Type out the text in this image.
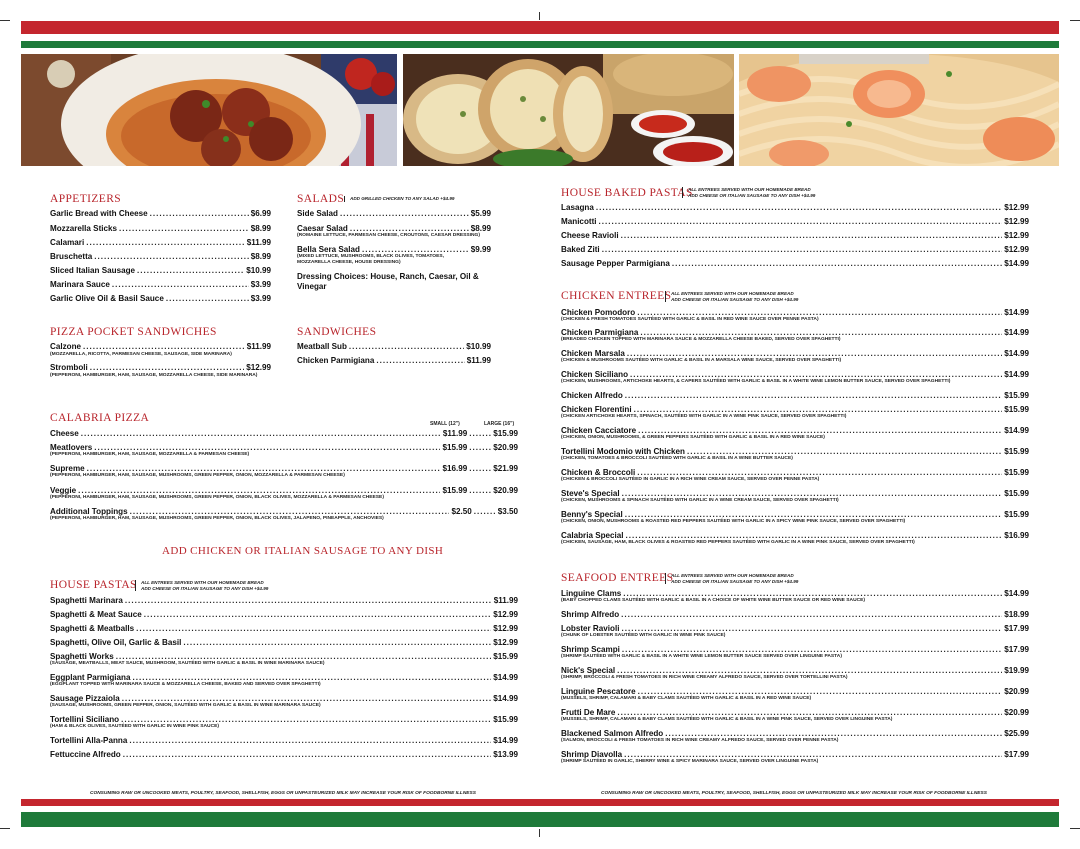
APPETIZERS
Garlic Bread with Cheese .....	$6.99
Mozzarella Sticks .....	$8.99
Calamari .....	$11.99
Bruschetta .....	$8.99
Sliced Italian Sausage .....	$10.99
Marinara Sauce .....	$3.99
Garlic Olive Oil & Basil Sauce .....	$3.99
SALADS	ADD GRILLED CHICKEN TO ANY SALAD +$4.99
Side Salad .....	$5.99
Caesar Salad .....	$8.99
(ROMAINE LETTUCE, PARMESAN CHEESE, CROUTONS, CAESAR DRESSING)
Bella Sera Salad .....	$9.99
(MIXED LETTUCE, MUSHROOMS, BLACK OLIVES, TOMATOES,
MOZZARELLA CHEESE, HOUSE DRESSING)
Dressing Choices: House, Ranch, Caesar, Oil & Vinegar
PIZZA POCKET SANDWICHES
Calzone .....	$11.99
(MOZZARELLA, RICOTTA, PARMESAN CHEESE, SAUSAGE, SIDE MARINARA)
Stromboli .....	$12.99
(PEPPERONI, HAMBURGER, HAM, SAUSAGE, MOZZARELLA CHEESE, SIDE MARINARA)
SANDWICHES
Meatball Sub .....	$10.99
Chicken Parmigiana .....	$11.99
CALABRIA PIZZA	SMALL (12")	LARGE (16")
Cheese .....	$11.99 .....	$15.99
Meatlovers .....	$15.99 .....	$20.99
(PEPPERONI, HAMBURGER, HAM, SAUSAGE, MOZZARELLA & PARMESAN CHEESE)
Supreme .....	$16.99 .....	$21.99
(PEPPERONI, HAMBURGER, HAM, SAUSAGE, MUSHROOMS, GREEN PEPPER, ONION, MOZZARELLA & PARMESAN CHEESE)
Veggie .....	$15.99 .....	$20.99
(PEPPERONI, HAMBURGER, HAM, SAUSAGE, MUSHROOMS, GREEN PEPPER, ONION, BLACK OLIVES, MOZZARELLA & PARMESAN CHEESE)
Additional Toppings .....	$2.50 .....	$3.50
(PEPPERONI, HAMBURGER, HAM, SAUSAGE, MUSHROOMS, GREEN PEPPER, ONION, BLACK OLIVES, JALAPENO, PINEAPPLE, ANCHOVIES)
ADD CHICKEN OR ITALIAN SAUSAGE TO ANY DISH
HOUSE PASTAS ALL ENTREES SERVED WITH OUR HOMEMADE BREAD
ADD CHEESE OR ITALIAN SAUSAGE TO ANY DISH +$4.99
Spaghetti Marinara .....	$11.99
Spaghetti & Meat Sauce .....	$12.99
Spaghetti & Meatballs .....	$12.99
Spaghetti, Olive Oil, Garlic & Basil .....	$12.99
Spaghetti Works .....	$15.99
(SAUSAGE, MEATBALLS, MEAT SAUCE, MUSHROOM, SAUTÉED WITH GARLIC & BASIL IN WINE MARINARA SAUCE)
Eggplant Parmigiana .....	$14.99
(EGGPLANT TOPPED WITH MARINARA SAUCE & MOZZARELLA CHEESE, BAKED AND SERVED OVER SPAGHETTI)
Sausage Pizzaiola .....	$14.99
(SAUSAGE, MUSHROOMS, GREEN PEPPER, ONION, SAUTÉED WITH GARLIC & BASIL IN WINE MARINARA SAUCE)
Tortellini Siciliano .....	$15.99
(HAM & BLACK OLIVES, SAUTÉED WITH GARLIC IN WINE PINK SAUCE)
Tortellini Alla-Panna .....	$14.99
Fettuccine Alfredo .....	$13.99
CONSUMING RAW OR UNCOOKED MEATS, POULTRY, SEAFOOD, SHELLFISH, EGGS OR UNPASTEURIZED MILK MAY INCREASE YOUR RISK OF FOODBORNE ILLNESS
HOUSE BAKED PASTAS
ALL ENTREES SERVED WITH OUR HOMEMADE BREAD
ADD CHEESE OR ITALIAN SAUSAGE TO ANY DISH +$4.99
Lasagna .....	$12.99
Manicotti .....	$12.99
Cheese Ravioli .....	$12.99
Baked Ziti .....	$12.99
Sausage Pepper Parmigiana .....	$14.99
CHICKEN ENTREES ALL ENTREES SERVED WITH OUR HOMEMADE BREAD
ADD CHEESE OR ITALIAN SAUSAGE TO ANY DISH +$4.99
Chicken Pomodoro .....	$14.99
(CHICKEN & FRESH TOMATOES SAUTÉED WITH GARLIC & BASIL IN RED WINE SAUCE OVER PENNE PASTA)
Chicken Parmigiana .....	$14.99
(BREADED CHICKEN TOPPED WITH MARINARA SAUCE & MOZZARELLA CHEESE BAKED, SERVED OVER SPAGHETTI)
Chicken Marsala .....	$14.99
(CHICKEN & MUSHROOMS SAUTÉED WITH GARLIC & BASIL IN A MARSALA WINE SAUCE, SERVED OVER SPAGHETTI)
Chicken Siciliano .....	$14.99
(CHICKEN, MUSHROOMS, ARTICHOKE HEARTS, & CAPERS SAUTÉED WITH GARLIC & BASIL IN A WHITE WINE LEMON BUTTER SAUCE, SERVED OVER SPAGHETTI)
Chicken Alfredo .....	$15.99
Chicken Florentini .....	$15.99
(CHICKEN ARTICHOKE HEARTS, SPINACH, SAUTÉED WITH GARLIC IN A WINE PINK SAUCE, SERVED OVER SPAGHETTI)
Chicken Cacciatore .....	$14.99
(CHICKEN, ONION, MUSHROOMS, & GREEN PEPPERS SAUTÉED WITH GARLIC & BASIL IN A RED WINE SAUCE)
Tortellini Modomio with Chicken .....	$15.99
(CHICKEN, TOMATOES & BROCCOLI SAUTÉED WITH GARLIC & BASIL IN A WINE BUTTER SAUCE)
Chicken & Broccoli .....	$15.99
(CHICKEN & BROCCOLI SAUTÉED IN GARLIC IN A RICH WINE CREAM SAUCE, SERVED OVER PENNE PASTA)
Steve's Special .....	$15.99
(CHICKEN, MUSHROOMS & SPINACH SAUTÉED WITH GARLIC IN A WINE CREAM SAUCE, SERVED OVER SPAGHETTI)
Benny's Special .....	$15.99
(CHICKEN, ONION, MUSHROOMS & ROASTED RED PEPPERS SAUTÉED WITH GARLIC IN A SPICY WINE PINK SAUCE, SERVED OVER SPAGHETTI)
Calabria Special .....	$16.99
(CHICKEN, SAUSAGE, HAM, BLACK OLIVES & ROASTED RED PEPPERS SAUTÉED WITH GARLIC IN A WINE PINK SAUCE, SERVED OVER SPAGHETTI)
SEAFOOD ENTREES
ALL ENTREES SERVED WITH OUR HOMEMADE BREAD
ADD CHEESE OR ITALIAN SAUSAGE TO ANY DISH +$4.99
Linguine Clams .....	$14.99
(BABY CHOPPED CLAMS SAUTÉED WITH GARLIC & BASIL IN A CHOICE OF WHITE WINE BUTTER SAUCE OR RED WINE SAUCE)
Shrimp Alfredo .....	$18.99
Lobster Ravioli .....	$17.99
(CHUNK OF LOBSTER SAUTÉED WITH GARLIC IN WINE PINK SAUCE)
Shrimp Scampi .....	$17.99
(SHRIMP SAUTÉED WITH GARLIC & BASIL IN A WHITE WINE LEMON BUTTER SAUCE SERVED OVER LINGUINE PASTA)
Nick's Special .....	$19.99
(SHRIMP, BROCCOLI & FRESH TOMATOES IN RICH WINE CREAMY ALFREDO SAUCE, SERVED OVER TORTELLINI PASTA)
Linguine Pescatore .....	$20.99
(MUSSELS, SHRIMP, CALAMARI & BABY CLAMS SAUTÉED WITH GARLIC & BASIL IN A RED WINE SAUCE)
Frutti De Mare .....	$20.99
(MUSSELS, SHRIMP, CALAMARI & BABY CLAMS SAUTÉED WITH GARLIC & BASIL IN A WINE PINK SAUCE, SERVED OVER LINGUINE PASTA)
Blackened Salmon Alfredo .....	$25.99
(SALMON, BROCCOLI & FRESH TOMATOES IN RICH WINE CREAMY ALFREDO SAUCE, SERVED OVER PENNE PASTA)
Shrimp Diavolla .....	$17.99
(SHRIMP SAUTÉED IN GARLIC, SHERRY WINE & SPICY MARINARA SAUCE, SERVED OVER LINGUINE PASTA)
CONSUMING RAW OR UNCOOKED MEATS, POULTRY, SEAFOOD, SHELLFISH, EGGS OR UNPASTEURIZED MILK MAY INCREASE YOUR RISK OF FOODBORNE ILLNESS
